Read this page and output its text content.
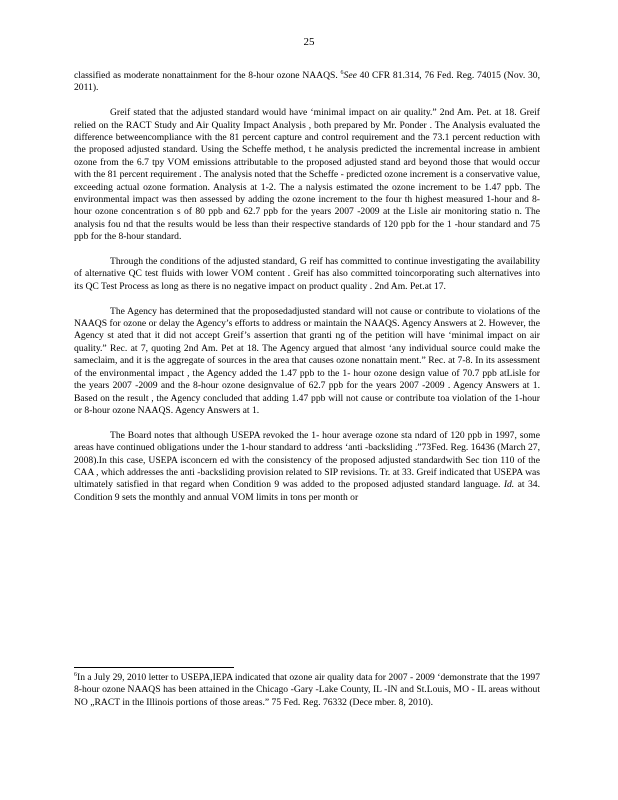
25

classified as moderate nonattainment for the 8-hour ozone NAAQS. $^6$See 40 CFR 81.314, 76 Fed. Reg. 74015 (Nov. 30, 2011).

Greif stated that the adjusted standard would have ‘minimal impact on air quality.” 2nd Am. Pet. at 18. Greif relied on the RACT Study and Air Quality Impact Analysis , both prepared by Mr. Ponder . The Analysis evaluated the difference betweencompliance with the 81 percent capture and control requirement and the 73.1 percent reduction with the proposed adjusted standard. Using the Scheffe method, t he analysis predicted the incremental increase in ambient ozone from the 6.7 tpy VOM emissions attributable to the proposed adjusted stand ard beyond those that would occur with the 81 percent requirement . The analysis noted that the Scheffe - predicted ozone increment is a conservative value, exceeding actual ozone formation. Analysis at 1-2. The a nalysis estimated the ozone increment to be 1.47 ppb. The environmental impact was then assessed by adding the ozone increment to the four th highest measured 1-hour and 8-hour ozone concentration s of 80 ppb and 62.7 ppb for the years 2007 -2009 at the Lisle air monitoring statio n. The analysis fou nd that the results would be less than their respective standards of 120 ppb for the 1 -hour standard and 75 ppb for the 8-hour standard.

Through the conditions of the adjusted standard, G reif has committed to continue investigating the availability of alternative QC test fluids with lower VOM content . Greif has also committed toincorporating such alternatives into its QC Test Process as long as there is no negative impact on product quality . 2nd Am. Pet.at 17.

The Agency has determined that the proposedadjusted standard will not cause or contribute to violations of the NAAQS for ozone or delay the Agency’s efforts to address or maintain the NAAQS. Agency Answers at 2. However, the Agency st ated that it did not accept Greif’s assertion that granti ng of the petition will have ‘minimal impact on air quality.” Rec. at 7, quoting 2nd Am. Pet at 18. The Agency argued that almost ‘any individual source could make the sameclaim, and it is the aggregate of sources in the area that causes ozone nonattain ment.” Rec. at 7-8. In its assessment of the environmental impact , the Agency added the 1.47 ppb to the 1- hour ozone design value of 70.7 ppb atLisle for the years 2007 -2009 and the 8-hour ozone designvalue of 62.7 ppb for the years 2007 -2009 . Agency Answers at 1. Based on the result , the Agency concluded that adding 1.47 ppb will not cause or contribute toa violation of the 1-hour or 8-hour ozone NAAQS. Agency Answers at 1.

The Board notes that although USEPA revoked the 1- hour average ozone sta ndard of 120 ppb in 1997, some areas have continued obligations under the 1-hour standard to address ‘anti -backsliding .”73Fed. Reg. 16436 (March 27, 2008).In this case, USEPA isconcern ed with the consistency of the proposed adjusted standardwith Sec tion 110 of the CAA , which addresses the anti -backsliding provision related to SIP revisions. Tr. at 33. Greif indicated that USEPA was ultimately satisfied in that regard when Condition 9 was added to the proposed adjusted standard language. Id. at 34. Condition 9 sets the monthly and annual VOM limits in tons per month or

$^6$In a July 29, 2010 letter to USEPA,IEPA indicated that ozone air quality data for 2007 - 2009 ‘demonstrate that the 1997 8-hour ozone NAAQS has been attained in the Chicago -Gary -Lake County, IL -IN and St.Louis, MO - IL areas without NO „RACT in the Illinois portions of those areas.” 75 Fed. Reg. 76332 (Dece mber. 8, 2010).
